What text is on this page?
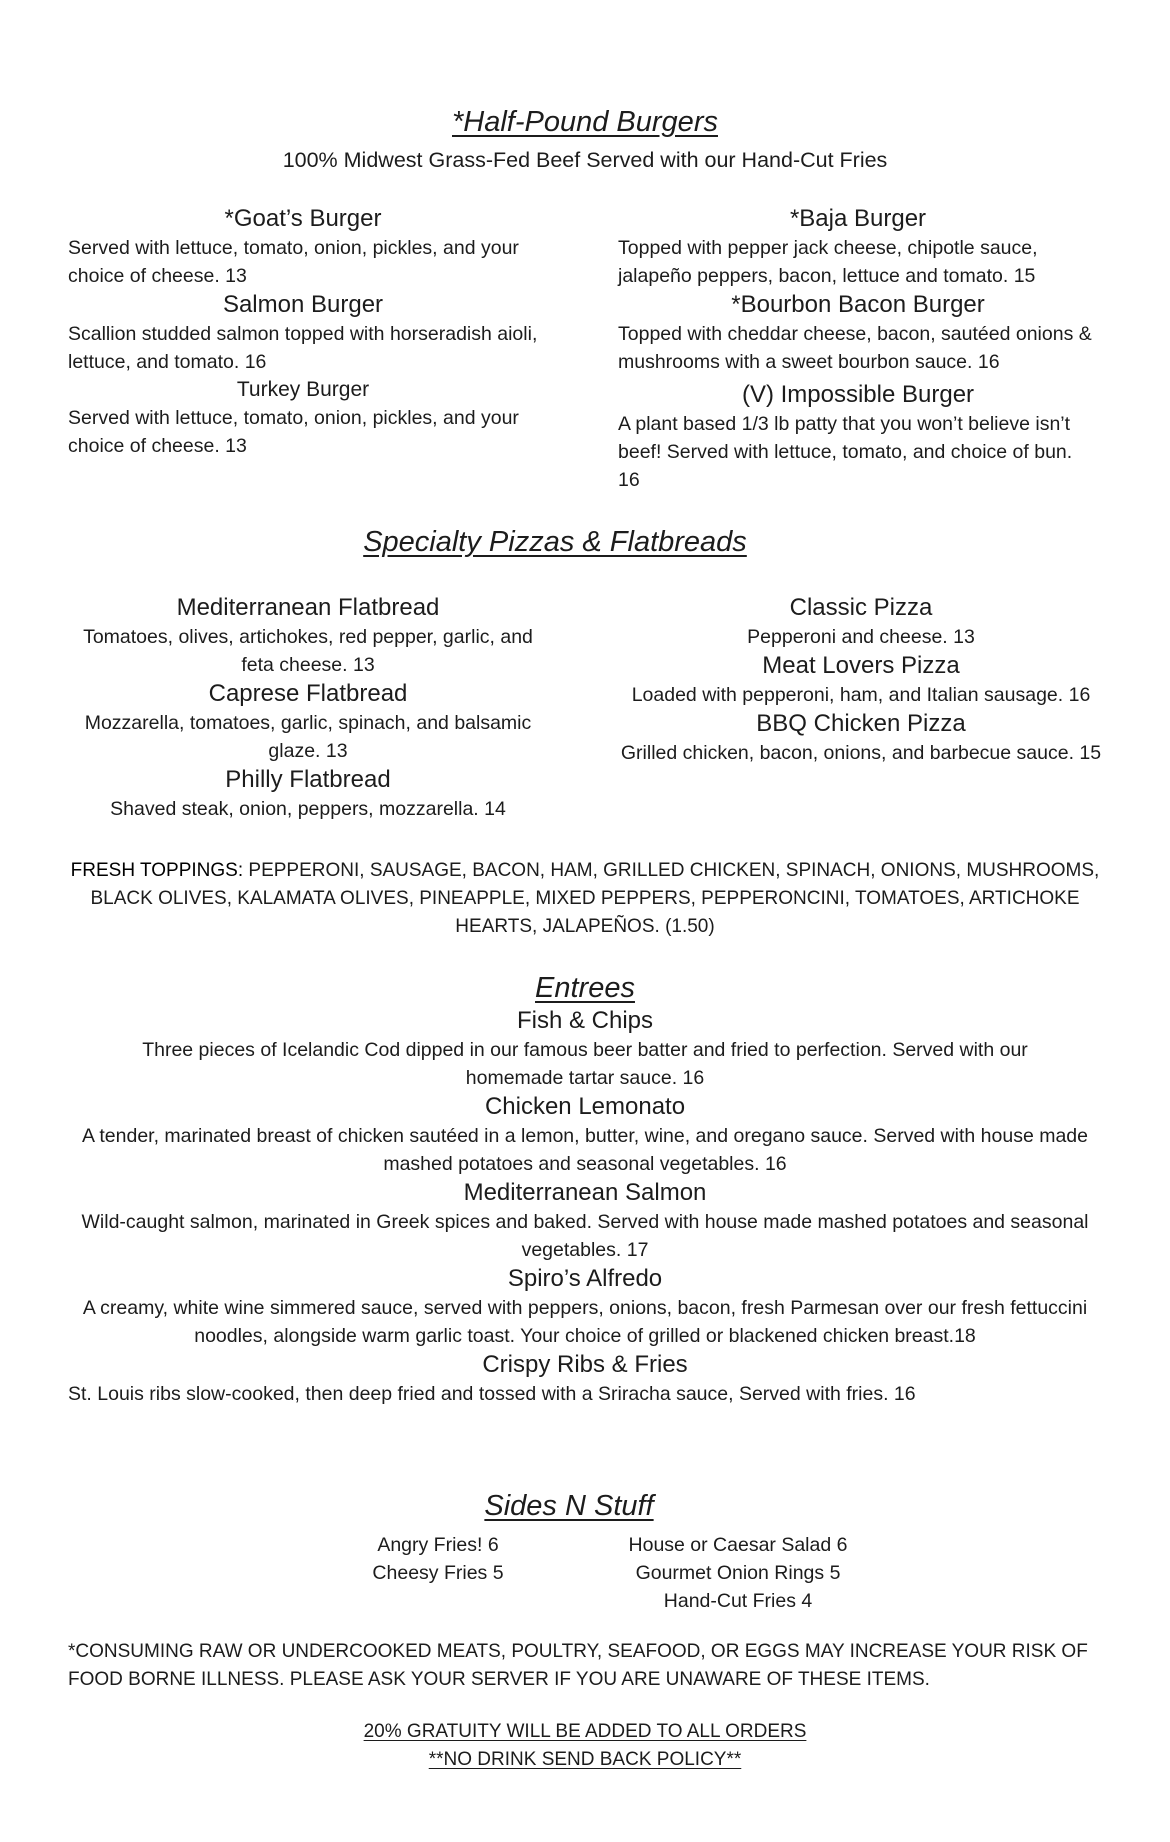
*Half-Pound Burgers
100% Midwest Grass-Fed Beef Served with our Hand-Cut Fries
*Goat’s Burger
Served with lettuce, tomato, onion, pickles, and your choice of cheese. 13
Salmon Burger
Scallion studded salmon topped with horseradish aioli, lettuce, and tomato. 16
Turkey Burger
Served with lettuce, tomato, onion, pickles, and your choice of cheese. 13
*Baja Burger
Topped with pepper jack cheese, chipotle sauce, jalapeño peppers, bacon, lettuce and tomato. 15
*Bourbon Bacon Burger
Topped with cheddar cheese, bacon, sautéed onions & mushrooms with a sweet bourbon sauce. 16
(V) Impossible Burger
A plant based 1/3 lb patty that you won’t believe isn’t beef! Served with lettuce, tomato, and choice of bun. 16
Specialty Pizzas & Flatbreads
Mediterranean Flatbread
Tomatoes, olives, artichokes, red pepper, garlic, and feta cheese. 13
Caprese Flatbread
Mozzarella, tomatoes, garlic, spinach, and balsamic glaze. 13
Philly Flatbread
Shaved steak, onion, peppers, mozzarella. 14
Classic Pizza
Pepperoni and cheese. 13
Meat Lovers Pizza
Loaded with pepperoni, ham, and Italian sausage. 16
BBQ Chicken Pizza
Grilled chicken, bacon, onions, and barbecue sauce. 15
FRESH TOPPINGS: PEPPERONI, SAUSAGE, BACON, HAM, GRILLED CHICKEN, SPINACH, ONIONS, MUSHROOMS, BLACK OLIVES, KALAMATA OLIVES, PINEAPPLE, MIXED PEPPERS, PEPPERONCINI, TOMATOES, ARTICHOKE HEARTS, JALAPEÑOS. (1.50)
Entrees
Fish & Chips
Three pieces of Icelandic Cod dipped in our famous beer batter and fried to perfection. Served with our homemade tartar sauce. 16
Chicken Lemonato
A tender, marinated breast of chicken sautéed in a lemon, butter, wine, and oregano sauce. Served with house made mashed potatoes and seasonal vegetables. 16
Mediterranean Salmon
Wild-caught salmon, marinated in Greek spices and baked. Served with house made mashed potatoes and seasonal vegetables. 17
Spiro’s Alfredo
A creamy, white wine simmered sauce, served with peppers, onions, bacon, fresh Parmesan over our fresh fettuccini noodles, alongside warm garlic toast. Your choice of grilled or blackened chicken breast.18
Crispy Ribs & Fries
St. Louis ribs slow-cooked, then deep fried and tossed with a Sriracha sauce, Served with fries. 16
Sides N Stuff
Angry Fries! 6
Cheesy Fries 5
House or Caesar Salad 6
Gourmet Onion Rings 5
Hand-Cut Fries 4
*CONSUMING RAW OR UNDERCOOKED MEATS, POULTRY, SEAFOOD, OR EGGS MAY INCREASE YOUR RISK OF FOOD BORNE ILLNESS. PLEASE ASK YOUR SERVER IF YOU ARE UNAWARE OF THESE ITEMS.
20% GRATUITY WILL BE ADDED TO ALL ORDERS
**NO DRINK SEND BACK POLICY**
